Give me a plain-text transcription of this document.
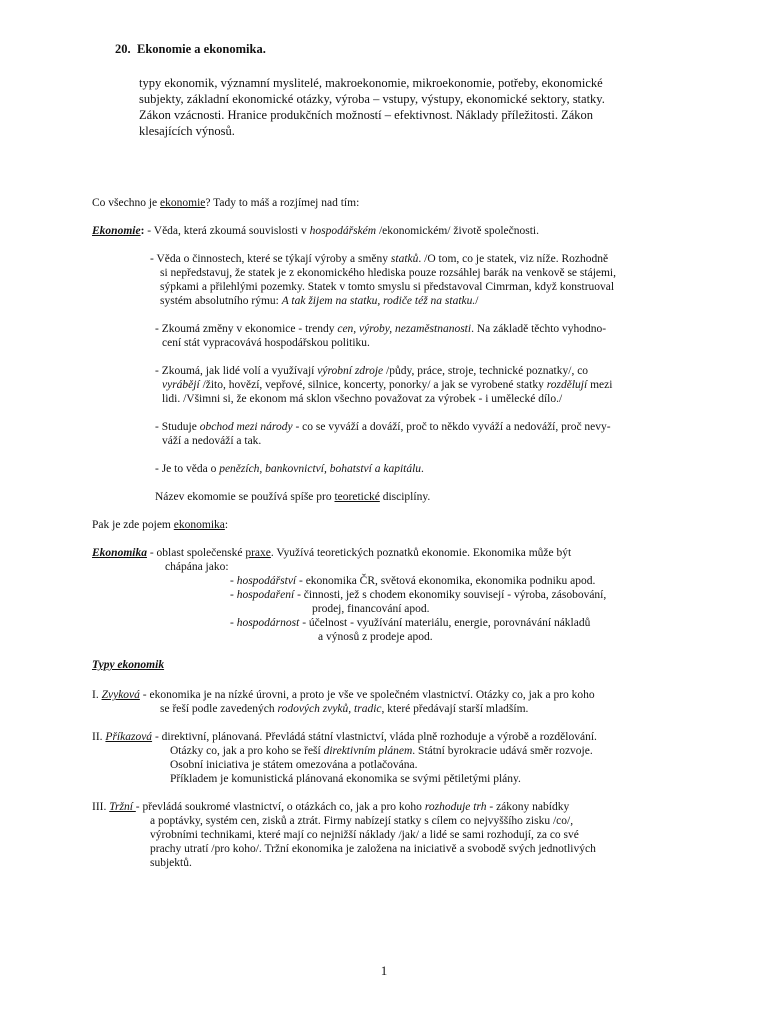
20. Ekonomie a ekonomika.
typy ekonomik, významní myslitelé, makroekonomie, mikroekonomie, potřeby, ekonomické
subjekty, základní ekonomické otázky, výroba – vstupy, výstupy, ekonomické sektory, statky.
Zákon vzácnosti. Hranice produkčních možností – efektivnost. Náklady příležitosti. Zákon
klesajících výnosů.
Co všechno je ekonomie? Tady to máš a rozjímej nad tím:
Ekonomie: - Věda, která zkoumá souvislosti v hospodářském /ekonomickém/ životě společnosti.
- Věda o činnostech, které se týkají výroby a směny statků. /O tom, co je statek, viz níže. Rozhodně
si nepředstavuj, že statek je z ekonomického hlediska pouze rozsáhlej barák na venkově se stájemi,
sýpkami a přilehlými pozemky. Statek v tomto smyslu si představoval Cimrman, když konstruoval
systém absolutního rýmu: A tak žijem na statku, rodiče též na statku./
- Zkoumá změny v ekonomice - trendy cen, výroby, nezaměstnanosti. Na základě těchto vyhodno-
cení stát vypracovává hospodářskou politiku.
- Zkoumá, jak lidé volí a využívají výrobní zdroje /půdy, práce, stroje, technické poznatky/, co
vyrábějí /žito, hovězí, vepřové, silnice, koncerty, ponorky/ a jak se vyrobené statky rozdělují mezi
lidi. /Všimni si, že ekonom má sklon všechno považovat za výrobek - i umělecké dílo./
- Studuje obchod mezi národy - co se vyváží a dováží, proč to někdo vyváží a nedováží, proč nevy-
váží a nedováží a tak.
- Je to věda o penězích, bankovnictví, bohatství a kapitálu.
Název ekomomie se používá spíše pro teoretické disciplíny.
Pak je zde pojem ekonomika:
Ekonomika - oblast společenské praxe. Využívá teoretických poznatků ekonomie. Ekonomika může být
chápána jako:
- hospodářství - ekonomika ČR, světová ekonomika, ekonomika podniku apod.
- hospodaření - činnosti, jež s chodem ekonomiky souvisejí - výroba, zásobování,
prodej, financování apod.
- hospodárnost - účelnost - využívání materiálu, energie, porovnávání nákladů
a výnosů z prodeje apod.
Typy ekonomik
I. Zvyková - ekonomika je na nízké úrovni, a proto je vše ve společném vlastnictví. Otázky co, jak a pro koho
se řeší podle zavedených rodových zvyků, tradic, které předávají starší mladším.
II. Příkazová - direktivní, plánovaná. Převládá státní vlastnictví, vláda plně rozhoduje a výrobě a rozdělování.
Otázky co, jak a pro koho se řeší direktivním plánem. Státní byrokracie udává směr rozvoje.
Osobní iniciativa je státem omezována a potlačována.
Příkladem je komunistická plánovaná ekonomika se svými pětiletými plány.
III. Tržní - převládá soukromé vlastnictví, o otázkách co, jak a pro koho rozhoduje trh - zákony nabídky
a poptávky, systém cen, zisků a ztrát. Firmy nabízejí statky s cílem co nejvyššího zisku /co/,
výrobními technikami, které mají co nejnižší náklady /jak/ a lidé se sami rozhodují, za co své
prachy utratí /pro koho/. Tržní ekonomika je založena na iniciativě a svobodě svých jednotlivých
subjektů.
1
